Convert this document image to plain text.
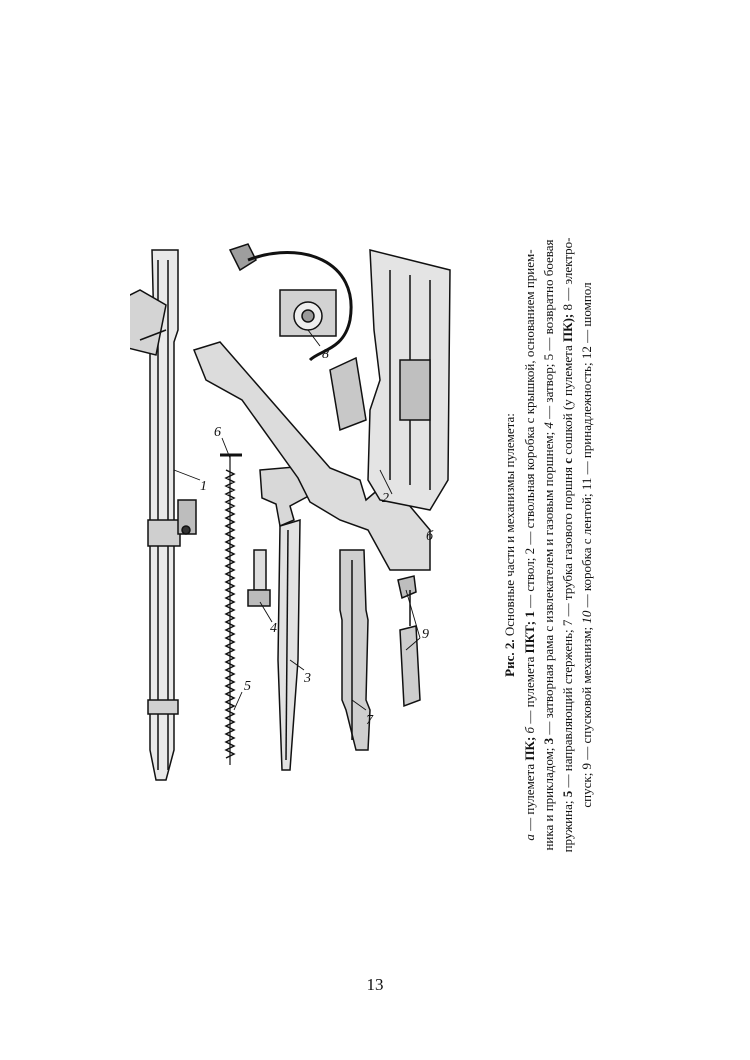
1
2
3
4
5
6
7
8
9
б
Рис. 2. Основные части и механизмы пулемета:
а — пулемета ПК; б — пулемета ПКТ; 1 — ствол; 2 — ствольная коробка с крышкой, основанием прием-
ника и прикладом; 3 — затворная рама с извлекателем и газовым поршнем; 4 — затвор; 5 — возвратно боевая
пружина; 5 — направляющий стержень; 7 — трубка газового поршня с сошкой (у пулемета ПК); 8 — электро-
спуск; 9 — спусковой механизм; 10 — коробка с лентой; 11 — принадлежность; 12 — шомпол
13
